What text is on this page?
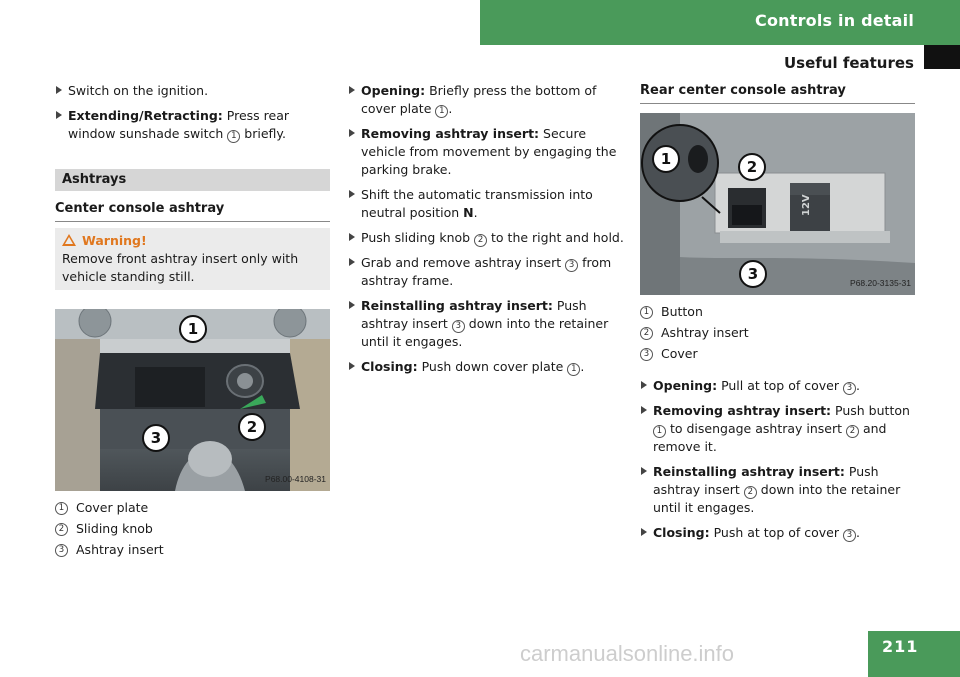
Controls in detail
Useful features
Switch on the ignition.
Extending/Retracting: Press rear window sunshade switch 1 briefly.
Ashtrays
Center console ashtray
Warning!
Remove front ashtray insert only with vehicle standing still.
1
2
3
P68.00-4108-31
1 Cover plate
2 Sliding knob
3 Ashtray insert
Opening: Briefly press the bottom of cover plate 1 .
Removing ashtray insert: Secure vehicle from movement by engaging the parking brake.
Shift the automatic transmission into neutral position N.
Push sliding knob 2 to the right and hold.
Grab and remove ashtray insert 3 from ashtray frame.
Reinstalling ashtray insert: Push ashtray insert 3 down into the retainer until it engages.
Closing: Push down cover plate 1 .
Rear center console ashtray
12V
1	2
3	P68.20-3135-31
1 Button
2 Ashtray insert
3 Cover
Opening: Pull at top of cover 3 .
Removing ashtray insert: Push button 1 to disengage ashtray insert 2 and remove it.
Reinstalling ashtray insert: Push ashtray insert 2 down into the retainer until it engages.
Closing: Push at top of cover 3 .
carmanualsonline.info	211
